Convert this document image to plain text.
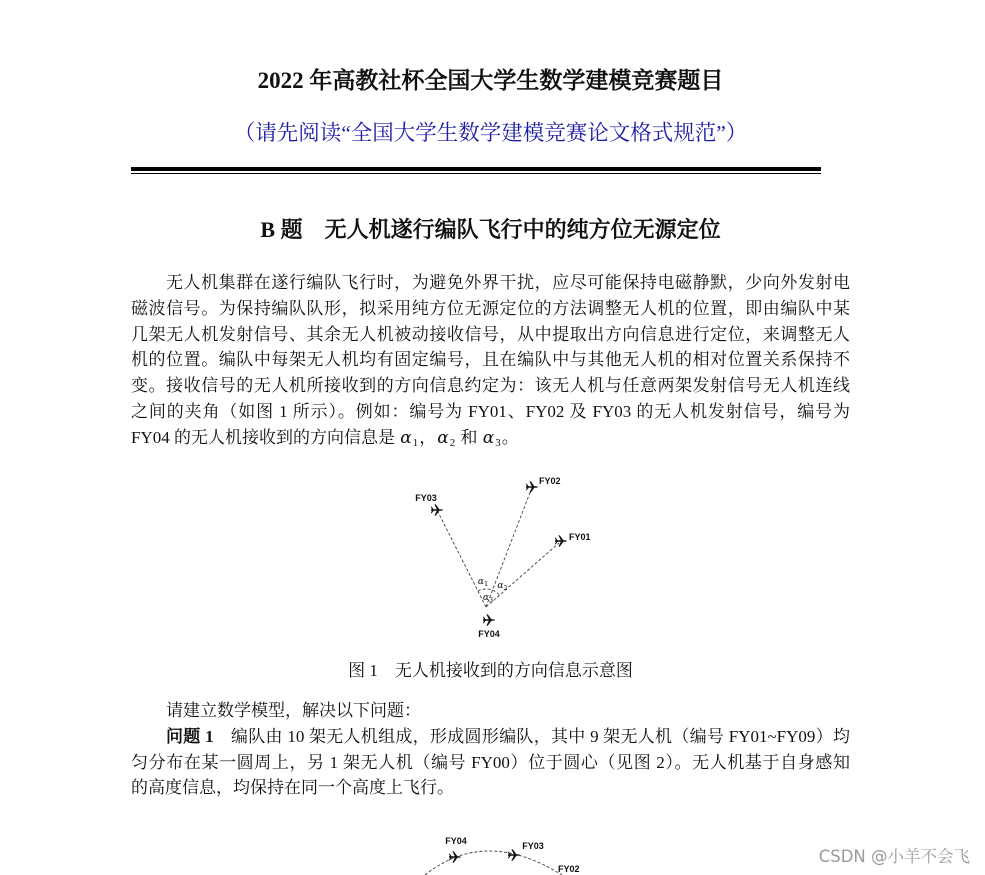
2022 年高教社杯全国大学生数学建模竞赛题目
（请先阅读“全国大学生数学建模竞赛论文格式规范”）
B 题 无人机遂行编队飞行中的纯方位无源定位
无人机集群在遂行编队飞行时，为避免外界干扰，应尽可能保持电磁静默，少向外发射电
磁波信号。为保持编队队形，拟采用纯方位无源定位的方法调整无人机的位置，即由编队中某
几架无人机发射信号、其余无人机被动接收信号，从中提取出方向信息进行定位，来调整无人
机的位置。编队中每架无人机均有固定编号，且在编队中与其他无人机的相对位置关系保持不
变。接收信号的无人机所接收到的方向信息约定为：该无人机与任意两架发射信号无人机连线
之间的夹角（如图 1 所示）。例如：编号为 FY01、FY02 及 FY03 的无人机发射信号，编号为
FY04 的无人机接收到的方向信息是 $\alpha_1$，$\alpha_2$ 和 $\alpha_3$。
FY03
FY02
FY01
FY04
$\alpha_1$ $\alpha_2$
$\alpha_3$
图 1　无人机接收到的方向信息示意图
请建立数学模型，解决以下问题：
问题 1 编队由 10 架无人机组成，形成圆形编队，其中 9 架无人机（编号 FY01~FY09）均
匀分布在某一圆周上，另 1 架无人机（编号 FY00）位于圆心（见图 2）。无人机基于自身感知
的高度信息，均保持在同一个高度上飞行。
FY04	FY03
FY02
CSDN @小羊不会飞
